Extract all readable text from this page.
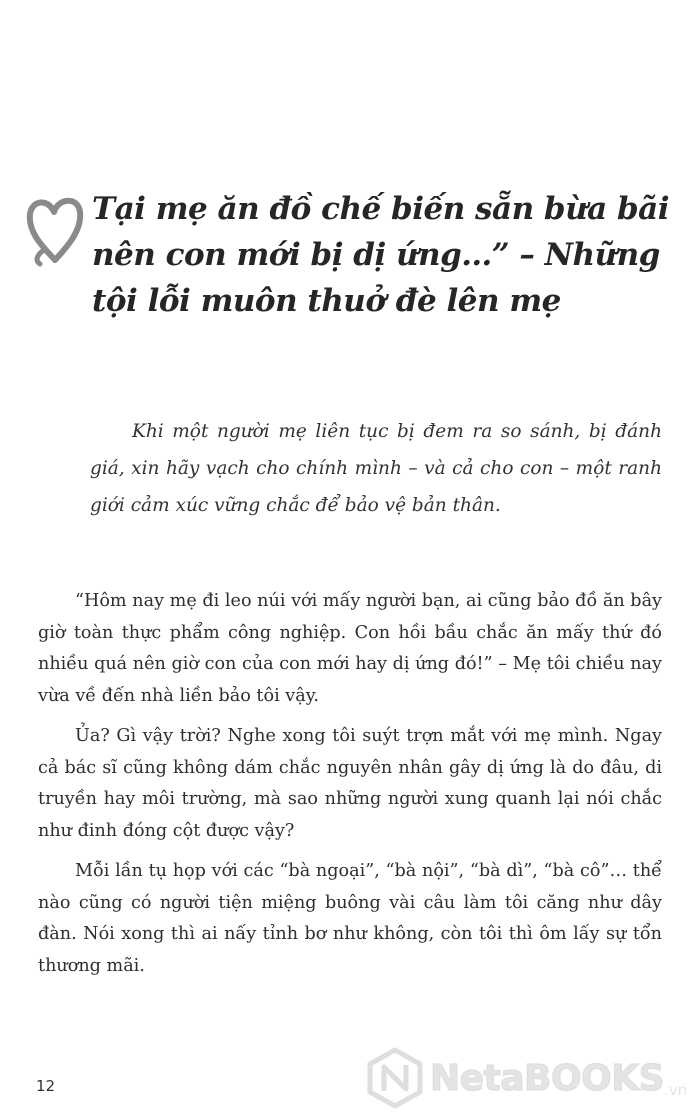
Tại mẹ ăn đồ chế biến sẵn bừa bãi nên con mới bị dị ứng…” – Những tội lỗi muôn thuở đè lên mẹ

Khi một người mẹ liên tục bị đem ra so sánh, bị đánh giá, xin hãy vạch cho chính mình – và cả cho con – một ranh giới cảm xúc vững chắc để bảo vệ bản thân.

“Hôm nay mẹ đi leo núi với mấy người bạn, ai cũng bảo đồ ăn bây giờ toàn thực phẩm công nghiệp. Con hồi bầu chắc ăn mấy thứ đó nhiều quá nên giờ con của con mới hay dị ứng đó!” – Mẹ tôi chiều nay vừa về đến nhà liền bảo tôi vậy.

Ủa? Gì vậy trời? Nghe xong tôi suýt trợn mắt với mẹ mình. Ngay cả bác sĩ cũng không dám chắc nguyên nhân gây dị ứng là do đâu, di truyền hay môi trường, mà sao những người xung quanh lại nói chắc như đinh đóng cột được vậy?

Mỗi lần tụ họp với các “bà ngoại”, “bà nội”, “bà dì”, “bà cô”… thể nào cũng có người tiện miệng buông vài câu làm tôi căng như dây đàn. Nói xong thì ai nấy tỉnh bơ như không, còn tôi thì ôm lấy sự tổn thương mãi.

12	NetaBOOKS .vn
